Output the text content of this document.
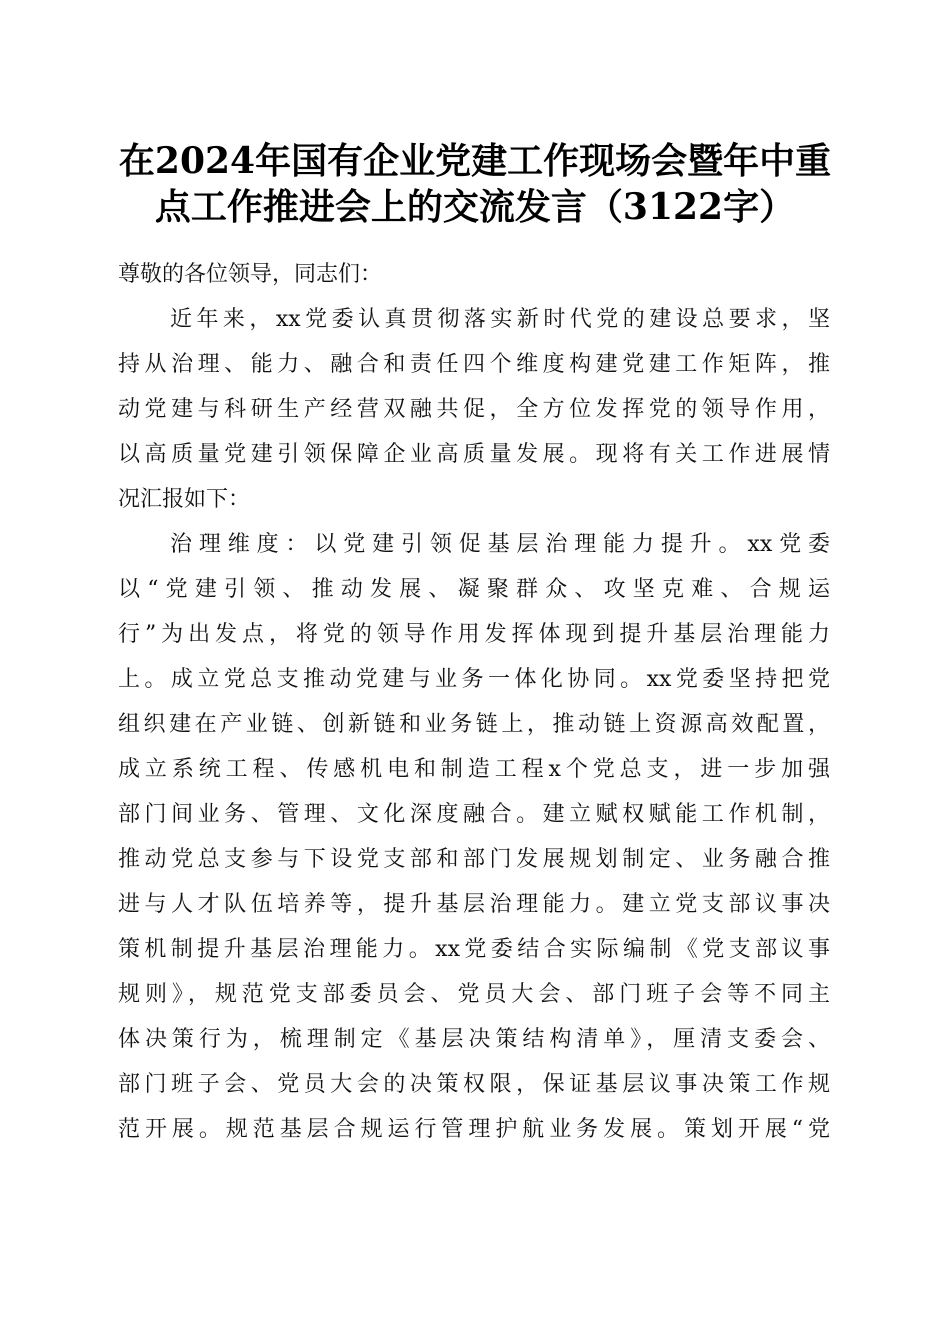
在2024年国有企业党建工作现场会暨年中重
点工作推进会上的交流发言（3122字）
尊敬的各位领导，同志们：
近年来，xx党委认真贯彻落实新时代党的建设总要求，坚
持从治理、能力、融合和责任四个维度构建党建工作矩阵，推
动党建与科研生产经营双融共促，全方位发挥党的领导作用，
以高质量党建引领保障企业高质量发展。现将有关工作进展情
况汇报如下：
治理维度：以党建引领促基层治理能力提升。xx党委
以“党建引领、推动发展、凝聚群众、攻坚克难、合规运
行”为出发点，将党的领导作用发挥体现到提升基层治理能力
上。成立党总支推动党建与业务一体化协同。xx党委坚持把党
组织建在产业链、创新链和业务链上，推动链上资源高效配置，
成立系统工程、传感机电和制造工程x个党总支，进一步加强
部门间业务、管理、文化深度融合。建立赋权赋能工作机制，
推动党总支参与下设党支部和部门发展规划制定、业务融合推
进与人才队伍培养等，提升基层治理能力。建立党支部议事决
策机制提升基层治理能力。xx党委结合实际编制《党支部议事
规则》，规范党支部委员会、党员大会、部门班子会等不同主
体决策行为，梳理制定《基层决策结构清单》，厘清支委会、
部门班子会、党员大会的决策权限，保证基层议事决策工作规
范开展。规范基层合规运行管理护航业务发展。策划开展“党
